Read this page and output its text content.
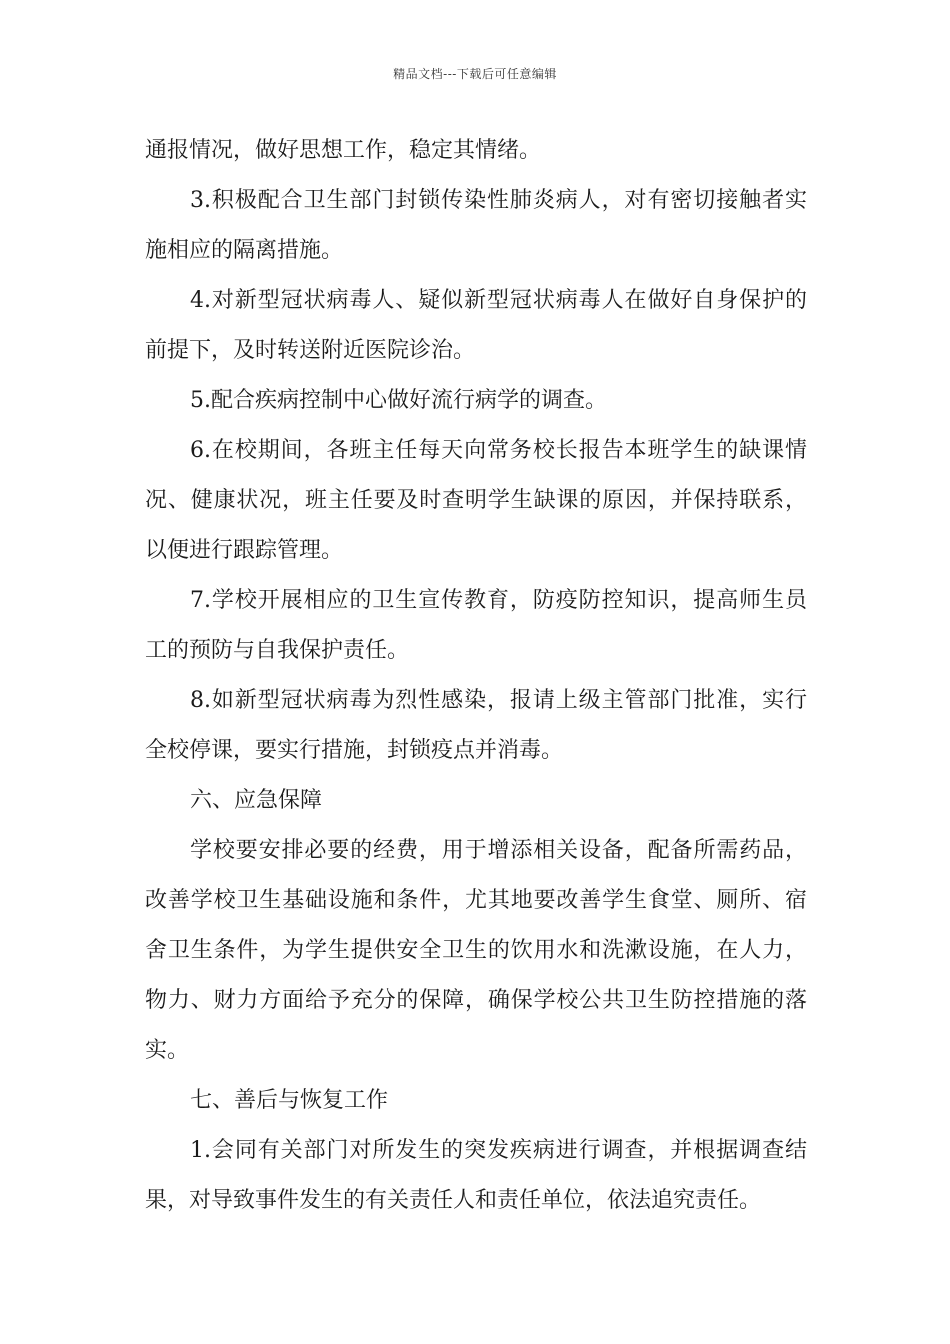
精品文档---下载后可任意编辑
通报情况，做好思想工作，稳定其情绪。
3.积极配合卫生部门封锁传染性肺炎病人，对有密切接触者实
施相应的隔离措施。
4.对新型冠状病毒人、疑似新型冠状病毒人在做好自身保护的
前提下，及时转送附近医院诊治。
5.配合疾病控制中心做好流行病学的调查。
6.在校期间，各班主任每天向常务校长报告本班学生的缺课情
况、健康状况，班主任要及时查明学生缺课的原因，并保持联系，
以便进行跟踪管理。
7.学校开展相应的卫生宣传教育，防疫防控知识，提高师生员
工的预防与自我保护责任。
8.如新型冠状病毒为烈性感染，报请上级主管部门批准，实行
全校停课，要实行措施，封锁疫点并消毒。
六、应急保障
学校要安排必要的经费，用于增添相关设备，配备所需药品，
改善学校卫生基础设施和条件，尤其地要改善学生食堂、厕所、宿
舍卫生条件，为学生提供安全卫生的饮用水和洗漱设施，在人力，
物力、财力方面给予充分的保障，确保学校公共卫生防控措施的落
实。
七、善后与恢复工作
1.会同有关部门对所发生的突发疾病进行调查，并根据调查结
果，对导致事件发生的有关责任人和责任单位，依法追究责任。
